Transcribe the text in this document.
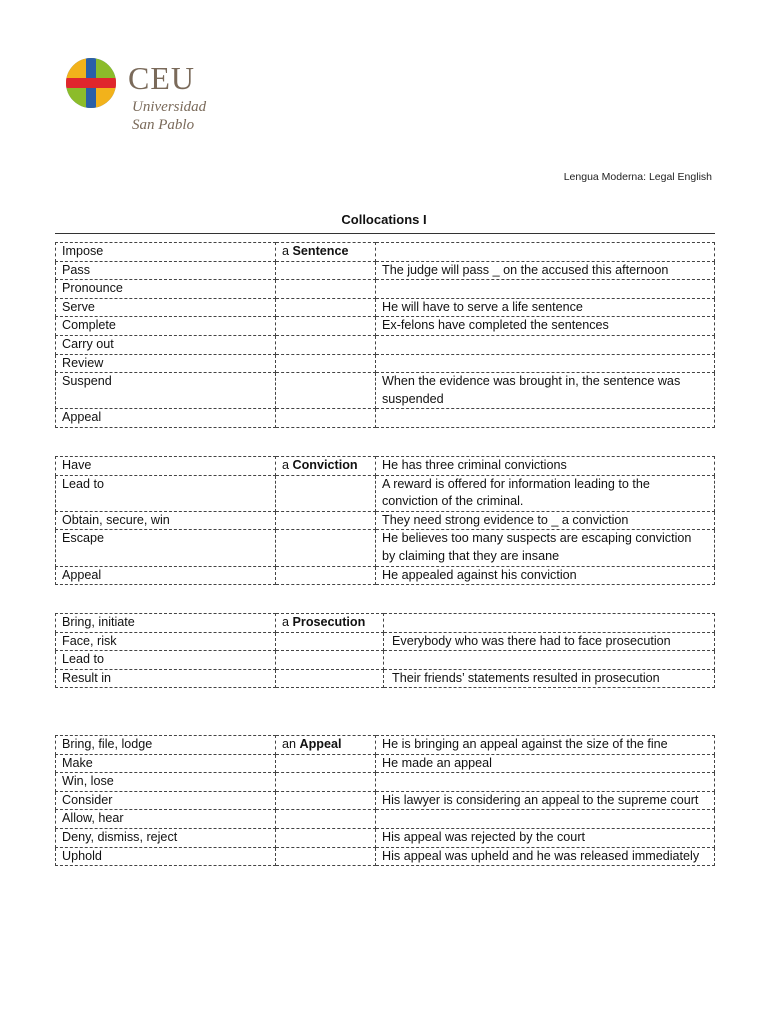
CEU
Universidad
San Pablo
Lengua Moderna: Legal English
Collocations I
Impose	a Sentence	
Pass		The judge will pass _ on the accused this afternoon
Pronounce		
Serve		He will have to serve a life sentence
Complete		Ex-felons have completed the sentences
Carry out		
Review		
Suspend		When the evidence was brought in, the sentence was suspended
Appeal		
Have	a Conviction	He has three criminal convictions
Lead to		A reward is offered for information leading to the conviction of the criminal.
Obtain, secure, win		They need strong evidence to _ a conviction
Escape		He believes too many suspects are escaping conviction by claiming that they are insane
Appeal		He appealed against his conviction
Bring, initiate	a Prosecution	
Face, risk		Everybody who was there had to face prosecution
Lead to		
Result in		Their friends’ statements resulted in prosecution
Bring, file, lodge	an Appeal	He is bringing an appeal against the size of the fine
Make		He made an appeal
Win, lose		
Consider		His lawyer is considering an appeal to the supreme court
Allow, hear		
Deny, dismiss, reject		His appeal was rejected by the court
Uphold		His appeal was upheld and he was released immediately
